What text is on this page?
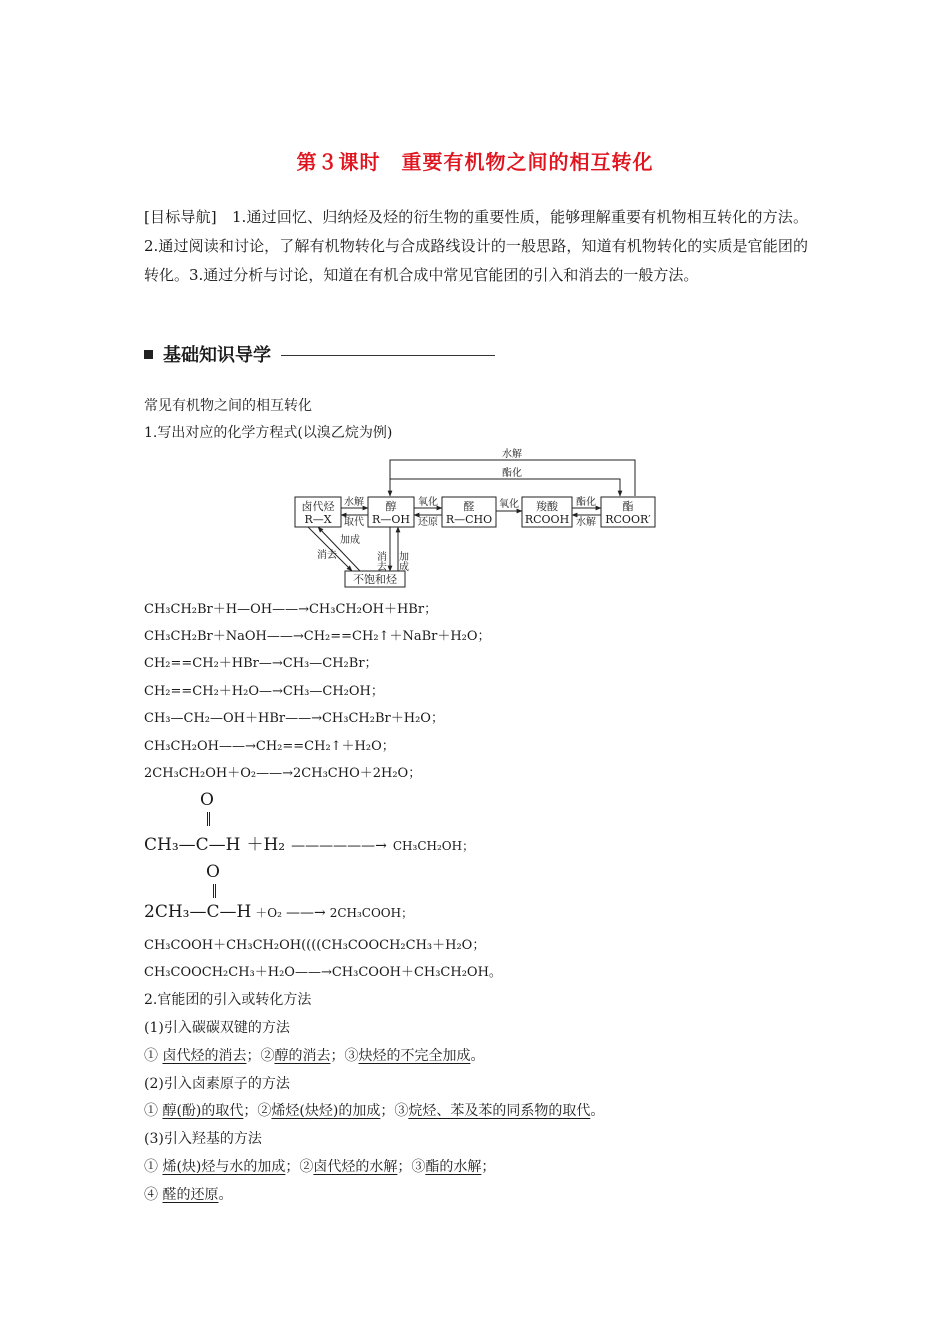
第３课时　重要有机物之间的相互转化
[目标导航]　1.通过回忆、归纳烃及烃的衍生物的重要性质，能够理解重要有机物相互转化的方法。2.通过阅读和讨论，了解有机物转化与合成路线设计的一般思路，知道有机物转化的实质是官能团的转化。3.通过分析与讨论，知道在有机合成中常见官能团的引入和消去的一般方法。
基础知识导学
常见有机物之间的相互转化
1.写出对应的化学方程式(以溴乙烷为例)
水解
酯化
卤代烃
R—X
醇
R—OH
醛
R—CHO
羧酸
RCOOH
酯
RCOOR′
不饱和烃
水解
取代
氧化
还原
氧化	酯化
水解
加成
消去	消去 加成
CH₃CH₂Br＋H—OH——→CH₃CH₂OH＋HBr；
CH₃CH₂Br＋NaOH——→CH₂==CH₂↑＋NaBr＋H₂O；
CH₂==CH₂＋HBr—→CH₃—CH₂Br；
CH₂==CH₂＋H₂O—→CH₃—CH₂OH；
CH₃—CH₂—OH＋HBr——→CH₃CH₂Br＋H₂O；
CH₃CH₂OH——→CH₂==CH₂↑＋H₂O；
2CH₃CH₂OH＋O₂——→2CH₃CHO＋2H₂O；
O
CH₃—C—H ＋H₂ ——————→ CH₃CH₂OH；
O
2CH₃—C—H ＋O₂ ——→ 2CH₃COOH；
CH₃COOH＋CH₃CH₂OH((((CH₃COOCH₂CH₃＋H₂O；
CH₃COOCH₂CH₃＋H₂O——→CH₃COOH＋CH₃CH₂OH。
2.官能团的引入或转化方法
(1)引入碳碳双键的方法
① 卤代烃的消去；②醇的消去；③炔烃的不完全加成。
(2)引入卤素原子的方法
① 醇(酚)的取代；②烯烃(炔烃)的加成；③烷烃、苯及苯的同系物的取代。
(3)引入羟基的方法
① 烯(炔)烃与水的加成；②卤代烃的水解；③酯的水解；
④ 醛的还原。
